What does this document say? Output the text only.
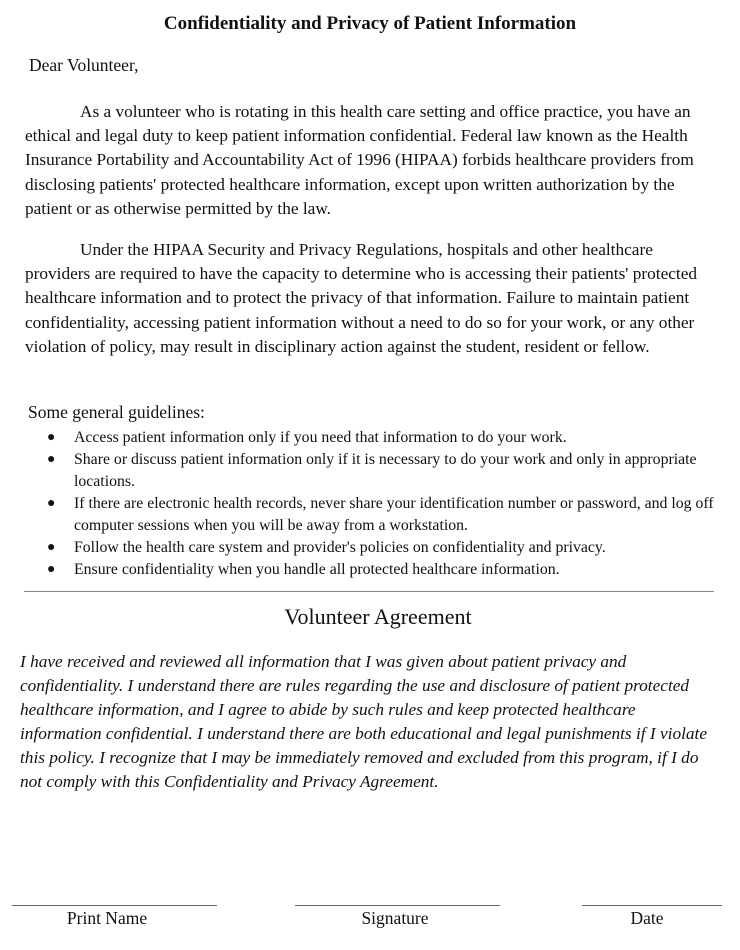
Confidentiality and Privacy of Patient Information
Dear Volunteer,

As a volunteer who is rotating in this health care setting and office practice, you have an ethical and legal duty to keep patient information confidential. Federal law known as the Health Insurance Portability and Accountability Act of 1996 (HIPAA) forbids healthcare providers from disclosing patients' protected healthcare information, except upon written authorization by the patient or as otherwise permitted by the law.

Under the HIPAA Security and Privacy Regulations, hospitals and other healthcare providers are required to have the capacity to determine who is accessing their patients' protected healthcare information and to protect the privacy of that information. Failure to maintain patient confidentiality, accessing patient information without a need to do so for your work, or any other violation of policy, may result in disciplinary action against the student, resident or fellow.

Some general guidelines:
● Access patient information only if you need that information to do your work.
● Share or discuss patient information only if it is necessary to do your work and only in appropriate locations.
● If there are electronic health records, never share your identification number or password, and log off computer sessions when you will be away from a workstation.
● Follow the health care system and provider's policies on confidentiality and privacy.
● Ensure confidentiality when you handle all protected healthcare information.
Volunteer Agreement

I have received and reviewed all information that I was given about patient privacy and confidentiality. I understand there are rules regarding the use and disclosure of patient protected healthcare information, and I agree to abide by such rules and keep protected healthcare information confidential. I understand there are both educational and legal punishments if I violate this policy. I recognize that I may be immediately removed and excluded from this program, if I do not comply with this Confidentiality and Privacy Agreement.

Print Name	Signature	Date
